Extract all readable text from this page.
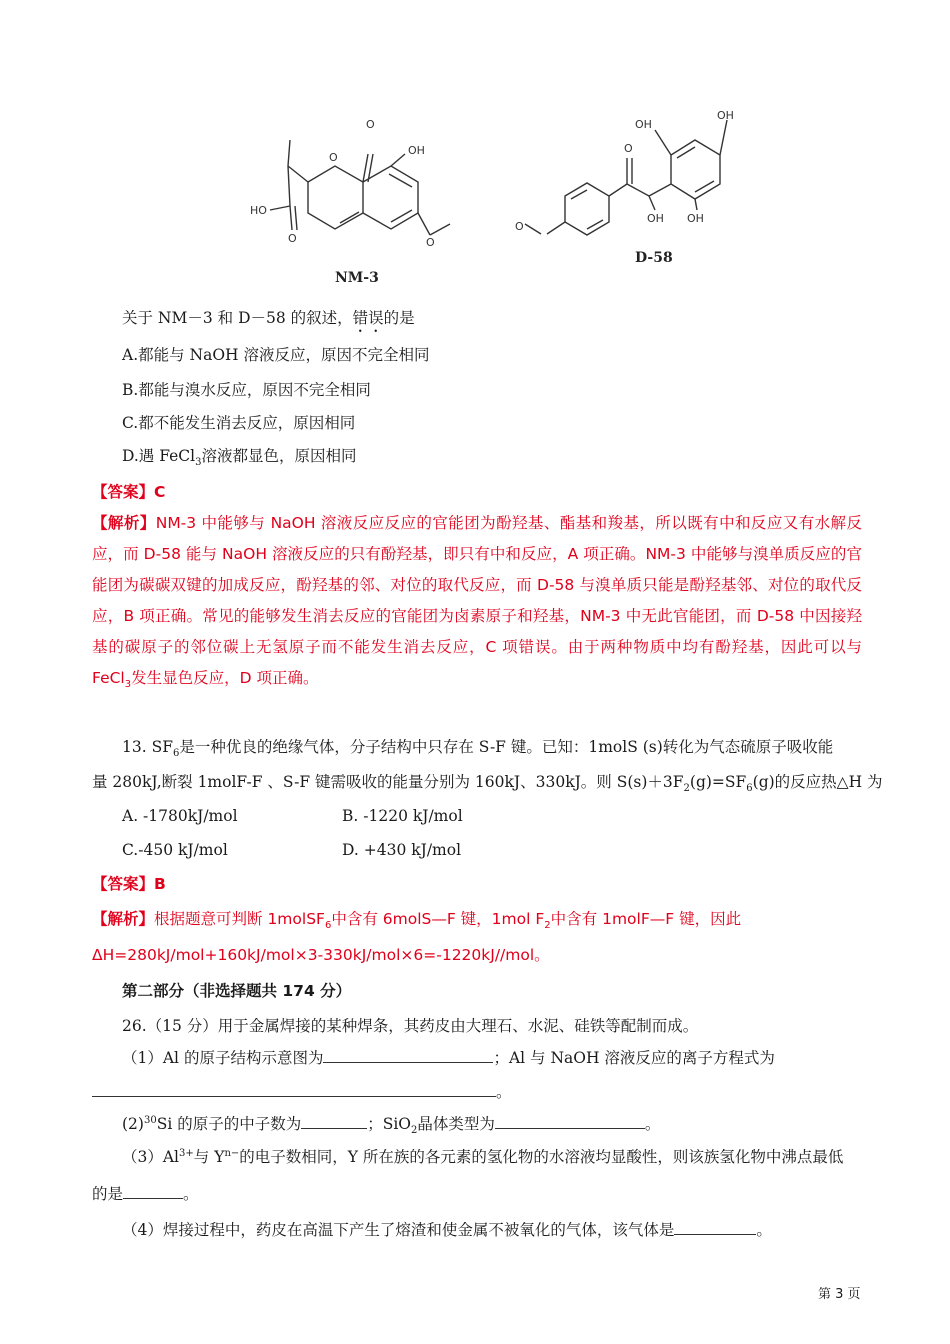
O
O
OH
HO
O	O
NM-3
O
O
OH
OH
OH
OH
D-58
关于 NM－3 和 D－58 的叙述，错误的是
A.都能与 NaOH 溶液反应，原因不完全相同
B.都能与溴水反应，原因不完全相同
C.都不能发生消去反应，原因相同
D.遇 FeCl$_3$溶液都显色，原因相同
【答案】C
【解析】NM-3 中能够与 NaOH 溶液反应反应的官能团为酚羟基、酯基和羧基，所以既有中和反应又有水解反应，而 D-58 能与 NaOH 溶液反应的只有酚羟基，即只有中和反应，A 项正确。NM-3 中能够与溴单质反应的官能团为碳碳双键的加成反应，酚羟基的邻、对位的取代反应，而 D-58 与溴单质只能是酚羟基邻、对位的取代反应，B 项正确。常见的能够发生消去反应的官能团为卤素原子和羟基，NM-3 中无此官能团，而 D-58 中因接羟基的碳原子的邻位碳上无氢原子而不能发生消去反应，C 项错误。由于两种物质中均有酚羟基，因此可以与 FeCl$_3$发生显色反应，D 项正确。
13. $SF_6$是一种优良的绝缘气体，分子结构中只存在 S-F 键。已知：1molS (s)转化为气态硫原子吸收能
量 280kJ,断裂 1molF-F 、S-F 键需吸收的能量分别为 160kJ、330kJ。则 $S(s)+3F_2(g)=SF_6(g)$的反应热△H 为
A. -1780kJ/mol	B. -1220 kJ/mol
C.-450 kJ/mol	D. +430 kJ/mol
【答案】B
【解析】根据题意可判断 1molSF$_6$中含有 6molS—F 键，1mol $F_2$中含有 1molF—F 键，因此
ΔH=280kJ/mol+160kJ/mol×3-330kJ/mol×6=-1220kJ//mol。
第二部分（非选择题共 174 分）
26.（15 分）用于金属焊接的某种焊条，其药皮由大理石、水泥、硅铁等配制而成。
（1）Al 的原子结构示意图为	；Al 与 NaOH 溶液反应的离子方程式为
。
$(2)^{30}Si$ 的原子的中子数为	；SiO$_2$晶体类型为	。
$(3)Al^{3+}$与 $Y^{n-}$的电子数相同，Y 所在族的各元素的氢化物的水溶液均显酸性，则该族氢化物中沸点最低
的是	。
（4）焊接过程中，药皮在高温下产生了熔渣和使金属不被氧化的气体，该气体是	。
第 3 页
